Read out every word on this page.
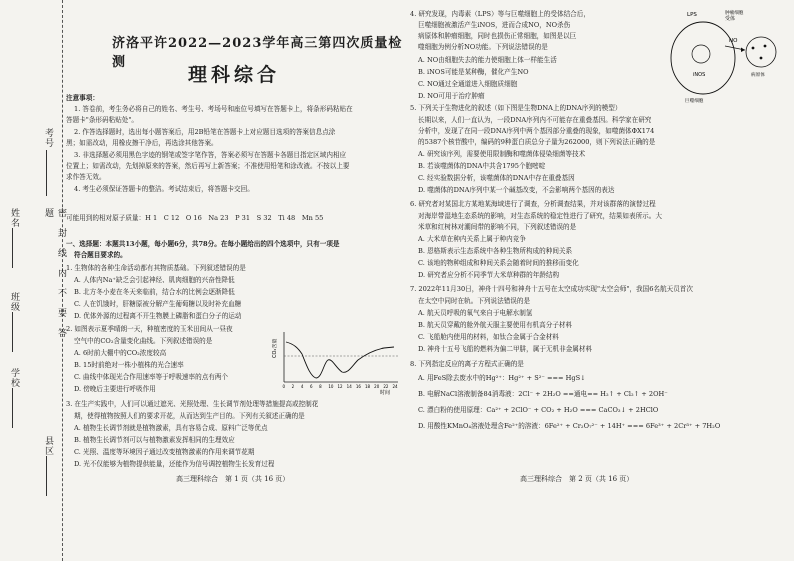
考号
姓名	密　封　线　内　不　要　答　题
班级
学校
县区
济洛平许2022—2023学年高三第四次质量检测
理科综合
注意事项：
1. 答卷前，考生务必将自己的姓名、考生号、考场号和座位号填写在答题卡上，将条形码粘贴在
答题卡"条形码粘贴处"。
2. 作答选择题时，选出每小题答案后，用2B铅笔在答题卡上对应题目选项的答案信息点涂
黑；如需改动，用橡皮擦干净后，再选涂其他答案。
3. 非选择题必须用黑色字迹的钢笔或签字笔作答，答案必须写在答题卡各题目指定区域内相应
位置上；如需改动，先划掉原来的答案，然后再写上新答案；不准使用铅笔和涂改液。不按以上要
求作答无效。
4. 考生必须保证答题卡的整洁。考试结束后，将答题卡交回。
可能用到的相对原子质量：H 1　C 12　O 16　Na 23　P 31　S 32　Ti 48　Mn 55
一、选择题：本题共13小题，每小题6分，共78分。在每小题给出的四个选项中，只有一项是
符合题目要求的。
1. 生物体的各种生命活动都有其物质基础。下列叙述错误的是
A. 人体内Na⁺缺乏会引起神经、肌肉细胞的兴奋性降低
B. 北方冬小麦在冬天来临前，结合水的比例会逐渐降低
C. 人在饥饿时，肝糖原被分解产生葡萄糖以及时补充血糖
D. 优体外源的过程离不开生物膜上磷脂和蛋白分子的运动
2. 如图表示夏季晴朗一天，种植密度的玉米田间从一昼夜
空气中的CO₂含量变化曲线。下列叙述错误的是
A. 6时前大棚中的CO₂浓度较高
B. 15时前绝对一株小植株的光合速率
C. 曲线中体现光合作用速率等于呼吸速率的点有两个
D. 傍晚后主要进行呼吸作用
CO₂含量
0 2 4 6 8 10 12 14 16 18 20 22 24
时间
3. 在生产实践中，人们可以通过遮光、光照处理、生长调节剂处理等措施提高或控制花
期，使得植物按照人们的要求开花，从而达到生产目的。下列有关叙述正确的是
A. 植物生长调节剂就是植物激素，具有容易合成、原料广泛等优点
B. 植物生长调节剂可以与植物激素发挥相同的生理效应
C. 光照、温度等环境因子通过改变植物激素的作用来调节花期
D. 光不仅能够为植物提供能量，还能作为信号调控植物生长发育过程
高三理科综合　第 1 页（共 16 页）
4. 研究发现，内毒素（LPS）等与巨噬细胞上的受体结合后，
巨噬细胞被激活产生iNOS，进而合成NO，NO杀伤
病原体和肿瘤细胞，同时也损伤正常细胞，如图是以巨
噬细胞为例分析NO功能。下列说法错误的是
A. NO由细胞失去的能力使细胞上体一样能生活
B. iNOS可能是某种酶，催化产生NO
C. NO通过全通道进入细胞质细胞
D. NO可用于治疗肿瘤
LPS
受体
NO
iNOS
肿瘤细胞
巨噬细胞
病原体
5. 下列关于生物进化的叙述（如下图是生物DNA上的DNA序列的模型）
长期以来，人们一直认为，一段DNA序列内不可能存在重叠基因。科学家在研究
分析中，发现了在同一段DNA序列中两个基因部分重叠的现象，如噬菌体ΦX174
的5387个核苷酸中，编码的9种蛋白质总分子量为262000，则下列说法正确的是
A. 研究该序列，需要使用限制酶和噬菌体侵染细菌等技术
B. 若该噬菌体的DNA中共含1795个胞嘧啶
C. 经实验数据分析，该噬菌体的DNA中存在重叠基因
D. 噬菌体的DNA序列中某一个碱基改变，不会影响两个基因的表达
6. 研究者对某国北方某地某海域进行了调查，分析调查结果，并对该群落的演替过程
对海岸带湿地生态系统的影响，对生态系统的稳定性进行了研究，结果如表所示。大
米草和红树林对潮间带的影响不同，下列叙述错误的是
A. 大米草在种内关系上属于种内竞争
B. 恩格斯表示生态系统中各种生物所构成的种间关系
C. 该地的物种组成和种间关系会随着时间的推移而变化
D. 研究者应分析不同季节大米草种群的年龄结构
7. 2022年11月30日，神舟十四号和神舟十五号在太空成功实现"太空会师"，我国6名航天员首次
在太空中同时在轨。下列说法错误的是
A. 航天员呼吸的氧气来自于电解水制氢
B. 航天员穿戴的舱外航天服主要使用有机高分子材料
C. 飞船舱内使用的材料，如钛合金属于合金材料
D. 神舟十五号飞船的燃料为偏二甲肼，属于无机非金属材料
8. 下列指定反应的离子方程式正确的是
A. 用FeS除去废水中的Hg²⁺：Hg²⁺ + S²⁻ === HgS↓
B. 电解NaCl溶液制备84消毒液：2Cl⁻ + 2H₂O ==通电== H₂↑ + Cl₂↑ + 2OH⁻
C. 漂白粉的使用原理：Ca²⁺ + 2ClO⁻ + CO₂ + H₂O === CaCO₃↓ + 2HClO
D. 用酸性KMnO₄溶液处理含Fe²⁺的溶液：6Fe²⁺ + Cr₂O₇²⁻ + 14H⁺ === 6Fe³⁺ + 2Cr³⁺ + 7H₂O
高三理科综合　第 2 页（共 16 页）
